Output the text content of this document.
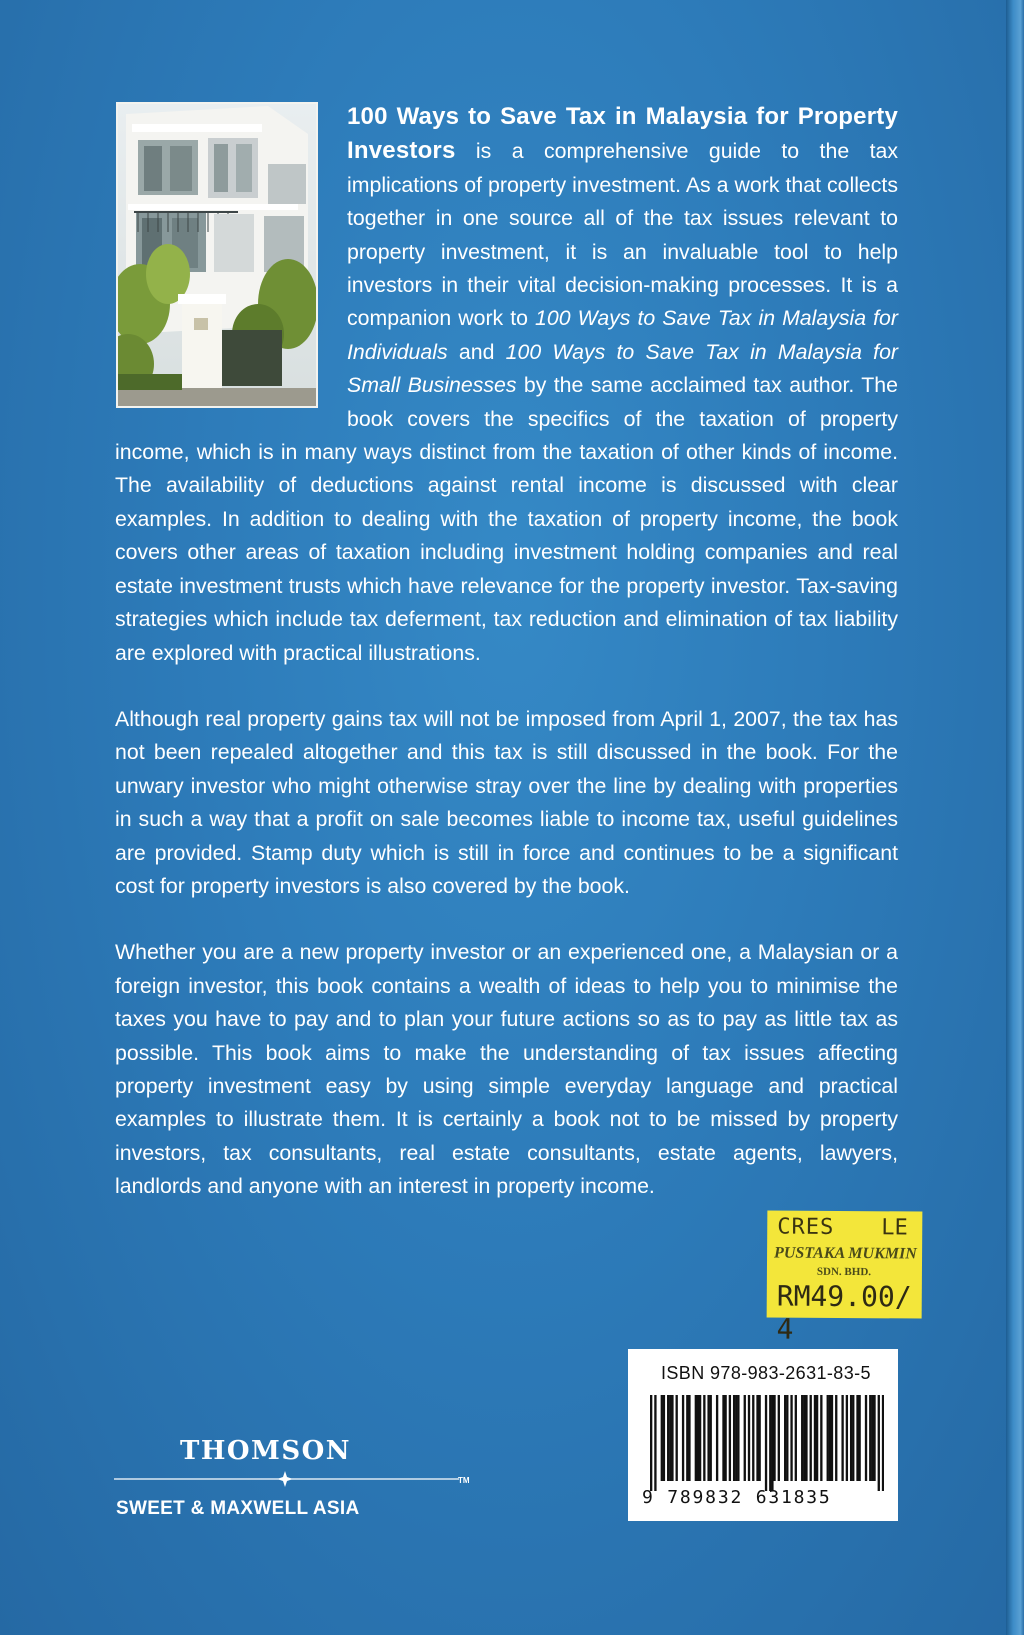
100 Ways to Save Tax in Malaysia for Property Investors is a comprehensive guide to the tax implications of property investment. As a work that collects together in one source all of the tax issues relevant to property investment, it is an invaluable tool to help investors in their vital decision-making processes. It is a companion work to 100 Ways to Save Tax in Malaysia for Individuals and 100 Ways to Save Tax in Malaysia for Small Businesses by the same acclaimed tax author. The book covers the specifics of the taxation of property income, which is in many ways distinct from the taxation of other kinds of income. The availability of deductions against rental income is discussed with clear examples. In addition to dealing with the taxation of property income, the book covers other areas of taxation including investment holding companies and real estate investment trusts which have relevance for the property investor. Tax-saving strategies which include tax deferment, tax reduction and elimination of tax liability are explored with practical illustrations.

Although real property gains tax will not be imposed from April 1, 2007, the tax has not been repealed altogether and this tax is still discussed in the book. For the unwary investor who might otherwise stray over the line by dealing with properties in such a way that a profit on sale becomes liable to income tax, useful guidelines are provided. Stamp duty which is still in force and continues to be a significant cost for property investors is also covered by the book.

Whether you are a new property investor or an experienced one, a Malaysian or a foreign investor, this book contains a wealth of ideas to help you to minimise the taxes you have to pay and to plan your future actions so as to pay as little tax as possible. This book aims to make the understanding of tax issues affecting property investment easy by using simple everyday language and practical examples to illustrate them. It is certainly a book not to be missed by property investors, tax consultants, real estate consultants, estate agents, lawyers, landlords and anyone with an interest in property income.

CRES LE
PUSTAKA MUKMIN
SDN. BHD.
RM49.00/ 4
THOMSON
TM
SWEET & MAXWELL ASIA
ISBN 978-983-2631-83-5
9 789832 631835
